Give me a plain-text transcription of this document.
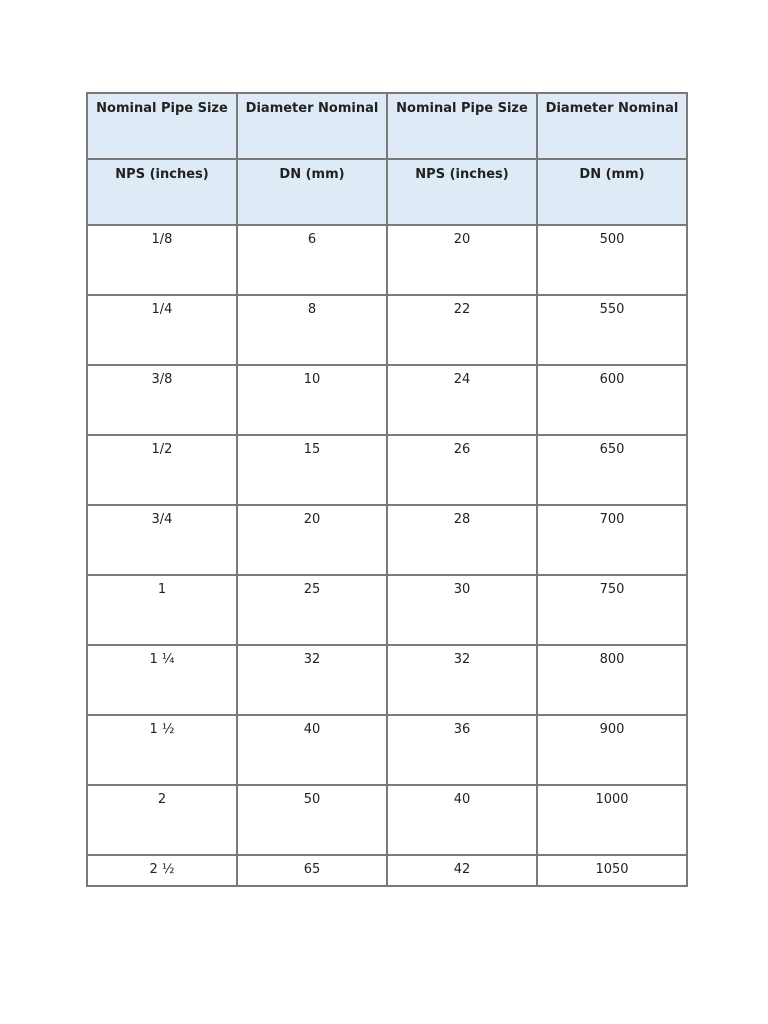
Nominal Pipe Size	Diameter Nominal	Nominal Pipe Size	Diameter Nominal
NPS (inches)	DN (mm)	NPS (inches)	DN (mm)
1/8	6	20	500
1/4	8	22	550
3/8	10	24	600
1/2	15	26	650
3/4	20	28	700
1	25	30	750
1 ¼	32	32	800
1 ½	40	36	900
2	50	40	1000
2 ½	65	42	1050
